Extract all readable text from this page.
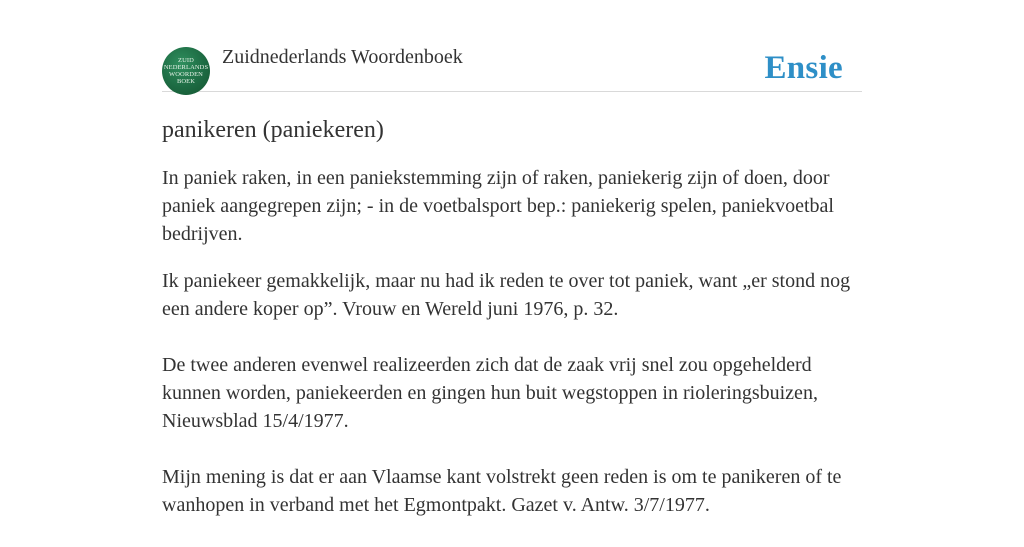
ZUID
NEDERLANDS
WOORDEN
BOEK
Zuidnederlands Woordenboek	Ensie
panikeren (paniekeren)

In paniek raken, in een paniekstemming zijn of raken, paniekerig zijn of doen, door paniek aangegrepen zijn; - in de voetbalsport bep.: paniekerig spelen, paniekvoetbal bedrijven.

Ik paniekeer gemakkelijk, maar nu had ik reden te over tot paniek, want „er stond nog een andere koper op”. Vrouw en Wereld juni 1976, p. 32.

De twee anderen evenwel realizeerden zich dat de zaak vrij snel zou opgehelderd kunnen worden, paniekeerden en gingen hun buit wegstoppen in rioleringsbuizen, Nieuwsblad 15/4/1977.

Mijn mening is dat er aan Vlaamse kant volstrekt geen reden is om te panikeren of te wanhopen in verband met het Egmontpakt. Gazet v. Antw. 3/7/1977.
